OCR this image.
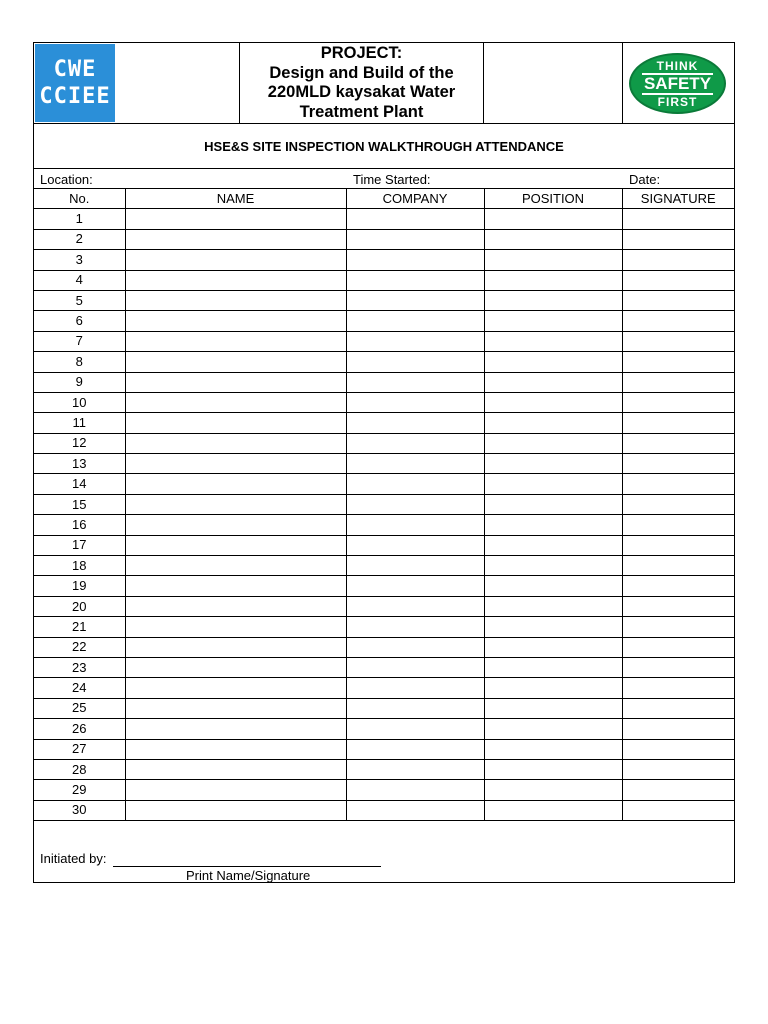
CWE
CCIEE
PROJECT:
Design and Build of the
220MLD kaysakat Water
Treatment Plant
THINK
SAFETY
FIRST
HSE&S SITE INSPECTION WALKTHROUGH ATTENDANCE
Location:	Time Started:	Date:
No.	NAME	COMPANY	POSITION	SIGNATURE
1				
2				
3				
4				
5				
6				
7				
8				
9				
10				
11				
12				
13				
14				
15				
16				
17				
18				
19				
20				
21				
22				
23				
24				
25				
26				
27				
28				
29				
30				
Initiated by:
Print Name/Signature
